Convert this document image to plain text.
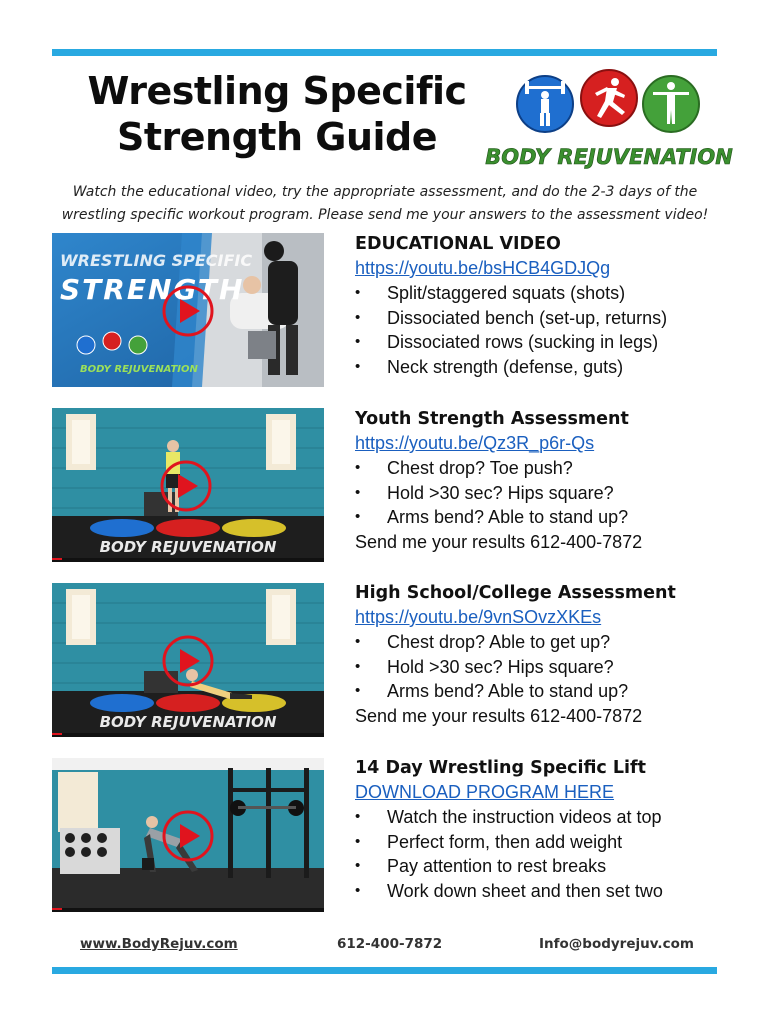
Wrestling Specific
Strength Guide	BODY REJUVENATION
Watch the educational video, try the appropriate assessment, and do the 2-3 days of the wrestling specific workout program. Please send me your answers to the assessment video!
WRESTLING SPECIFIC
STRENGTH
BODY REJUVENATION
EDUCATIONAL VIDEO
https://youtu.be/bsHCB4GDJQg
• Split/staggered squats (shots)
• Dissociated bench (set-up, returns)
• Dissociated rows (sucking in legs)
• Neck strength (defense, guts)
BODY REJUVENATION
Youth Strength Assessment
https://youtu.be/Qz3R_p6r-Qs
• Chest drop? Toe push?
• Hold >30 sec? Hips square?
• Arms bend? Able to stand up?
Send me your results 612-400-7872
BODY REJUVENATION
High School/College Assessment
https://youtu.be/9vnSOvzXKEs
• Chest drop? Able to get up?
• Hold >30 sec? Hips square?
• Arms bend? Able to stand up?
Send me your results 612-400-7872
14 Day Wrestling Specific Lift
DOWNLOAD PROGRAM HERE
• Watch the instruction videos at top
• Perfect form, then add weight
• Pay attention to rest breaks
• Work down sheet and then set two
www.BodyRejuv.com	612-400-7872	Info@bodyrejuv.com
